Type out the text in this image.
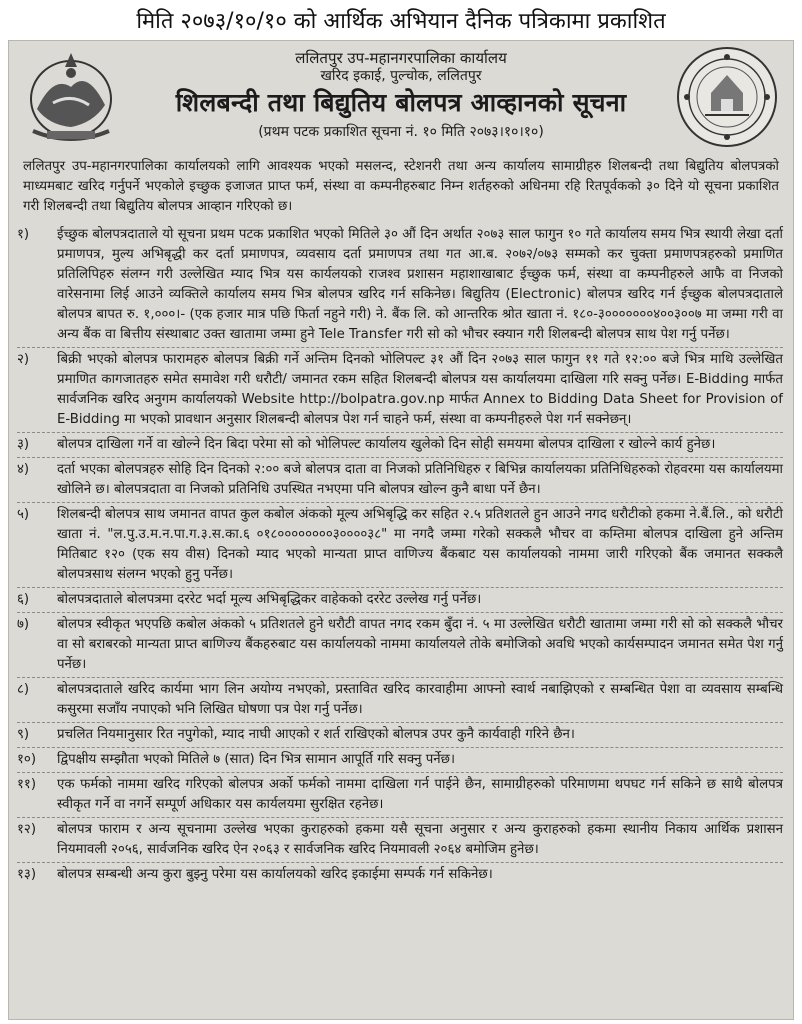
मिति २०७३/१०/१० को आर्थिक अभियान दैनिक पत्रिकामा प्रकाशित
ललितपुर उप-महानगरपालिका कार्यालय
खरिद इकाई, पुल्चोक, ललितपुर
शिलबन्दी तथा बिद्युतिय बोलपत्र आव्हानको सूचना
(प्रथम पटक प्रकाशित सूचना नं. १० मिति २०७३।१०।१०)
ललितपुर उप-महानगरपालिका कार्यालयको लागि आवश्यक भएको मसलन्द, स्टेशनरी तथा अन्य कार्यालय सामाग्रीहरु शिलबन्दी तथा बिद्युतिय बोलपत्रको माध्यमबाट खरिद गर्नुपर्ने भएकोले इच्छुक इजाजत प्राप्त फर्म, संस्था वा कम्पनीहरुबाट निम्न शर्तहरुको अधिनमा रहि रितपूर्वकको ३० दिने यो सूचना प्रकाशित गरी शिलबन्दी तथा बिद्युतिय बोलपत्र आव्हान गरिएको छ।
१)	ईच्छुक बोलपत्रदाताले यो सूचना प्रथम पटक प्रकाशित भएको मितिले ३० औं दिन अर्थात २०७३ साल फागुन १० गते कार्यालय समय भित्र स्थायी लेखा दर्ता प्रमाणपत्र, मुल्य अभिबृद्धी कर दर्ता प्रमाणपत्र, व्यवसाय दर्ता प्रमाणपत्र तथा गत आ.ब. २०७२/०७३ सम्मको कर चुक्ता प्रमाणपत्रहरुको प्रमाणित प्रतिलिपिहरु संलग्न गरी उल्लेखित म्याद भित्र यस कार्यलयको राजश्व प्रशासन महाशाखाबाट ईच्छुक फर्म, संस्था वा कम्पनीहरुले आफै वा निजको वारेसनामा लिई आउने व्यक्तिले कार्यालय समय भित्र बोलपत्र खरिद गर्न सकिनेछ। बिद्युतिय (Electronic) बोलपत्र खरिद गर्न ईच्छुक बोलपत्रदाताले बोलपत्र बापत रु. १,०००।- (एक हजार मात्र पछि फिर्ता नहुने गरी) ने. बैंक लि. को आन्तरिक श्रोत खाता नं. १८०-३०००००००४००३००७ मा जम्मा गरी वा अन्य बैंक वा बित्तीय संस्थाबाट उक्त खातामा जम्मा हुने Tele Transfer गरी सो को भौचर स्क्यान गरी शिलबन्दी बोलपत्र साथ पेश गर्नु पर्नेछ।
२)	बिक्री भएको बोलपत्र फारामहरु बोलपत्र बिक्री गर्ने अन्तिम दिनको भोलिपल्ट ३१ औं दिन २०७३ साल फागुन ११ गते १२:०० बजे भित्र माथि उल्लेखित प्रमाणित कागजातहरु समेत समावेश गरी धरौटी/ जमानत रकम सहित शिलबन्दी बोलपत्र यस कार्यालयमा दाखिला गरि सक्नु पर्नेछ। E-Bidding मार्फत सार्वजनिक खरिद अनुगम कार्यालयको Website http://bolpatra.gov.np मार्फत Annex to Bidding Data Sheet for Provision of E-Bidding मा भएको प्रावधान अनुसार शिलबन्दी बोलपत्र पेश गर्न चाहने फर्म, संस्था वा कम्पनीहरुले पेश गर्न सक्नेछन्।
३)	बोलपत्र दाखिला गर्ने वा खोल्ने दिन बिदा परेमा सो को भोलिपल्ट कार्यालय खुलेको दिन सोही समयमा बोलपत्र दाखिला र खोल्ने कार्य हुनेछ।
४)	दर्ता भएका बोलपत्रहरु सोहि दिन दिनको २:०० बजे बोलपत्र दाता वा निजको प्रतिनिधिहरु र बिभिन्न कार्यालयका प्रतिनिधिहरुको रोहवरमा यस कार्यालयमा खोलिने छ। बोलपत्रदाता वा निजको प्रतिनिधि उपस्थित नभएमा पनि बोलपत्र खोल्न कुनै बाधा पर्ने छैन।
५)	शिलबन्दी बोलपत्र साथ जमानत वापत कुल कबोल अंकको मूल्य अभिबृद्धि कर सहित २.५ प्रतिशतले हुन आउने नगद धरौटीको हकमा ने.बैं.लि., को धरौटी खाता नं. "ल.पु.उ.म.न.पा.ग.३.स.का.६ ०१८००००००००३००००३८" मा नगदै जम्मा गरेको सक्कलै भौचर वा कम्तिमा बोलपत्र दाखिला हुने अन्तिम मितिबाट १२० (एक सय वीस) दिनको म्याद भएको मान्यता प्राप्त वाणिज्य बैंकबाट यस कार्यालयको नाममा जारी गरिएको बैंक जमानत सक्कलै बोलपत्रसाथ संलग्न भएको हुनु पर्नेछ।
६)	बोलपत्रदाताले बोलपत्रमा दररेट भर्दा मूल्य अभिबृद्धिकर वाहेकको दररेट उल्लेख गर्नु पर्नेछ।
७)	बोलपत्र स्वीकृत भएपछि कबोल अंकको ५ प्रतिशतले हुने धरौटी वापत नगद रकम बुँदा नं. ५ मा उल्लेखित धरौटी खातामा जम्मा गरी सो को सक्कलै भौचर वा सो बराबरको मान्यता प्राप्त बाणिज्य बैंकहरुबाट यस कार्यालयको नाममा कार्यालयले तोके बमोजिको अवधि भएको कार्यसम्पादन जमानत समेत पेश गर्नु पर्नेछ।
८)	बोलपत्रदाताले खरिद कार्यमा भाग लिन अयोग्य नभएको, प्रस्तावित खरिद कारवाहीमा आफ्नो स्वार्थ नबाझिएको र सम्बन्धित पेशा वा व्यवसाय सम्बन्धि कसुरमा सजाँय नपाएको भनि लिखित घोषणा पत्र पेश गर्नु पर्नेछ।
९)	प्रचलित नियमानुसार रित नपुगेको, म्याद नाघी आएको र शर्त राखिएको बोलपत्र उपर कुनै कार्यवाही गरिने छैन।
१०)	द्विपक्षीय सम्झौता भएको मितिले ७ (सात) दिन भित्र सामान आपूर्ति गरि सक्नु पर्नेछ।
११)	एक फर्मको नाममा खरिद गरिएको बोलपत्र अर्को फर्मको नाममा दाखिला गर्न पाईने छैन, सामाग्रीहरुको परिमाणमा थपघट गर्न सकिने छ साथै बोलपत्र स्वीकृत गर्ने वा नगर्ने सम्पूर्ण अधिकार यस कार्यलयमा सुरक्षित रहनेछ।
१२)	बोलपत्र फाराम र अन्य सूचनामा उल्लेख भएका कुराहरुको हकमा यसै सूचना अनुसार र अन्य कुराहरुको हकमा स्थानीय निकाय आर्थिक प्रशासन नियमावली २०५६, सार्वजनिक खरिद ऐन २०६३ र सार्वजनिक खरिद नियमावली २०६४ बमोजिम हुनेछ।
१३)	बोलपत्र सम्बन्धी अन्य कुरा बुझ्नु परेमा यस कार्यालयको खरिद इकाईमा सम्पर्क गर्न सकिनेछ।
